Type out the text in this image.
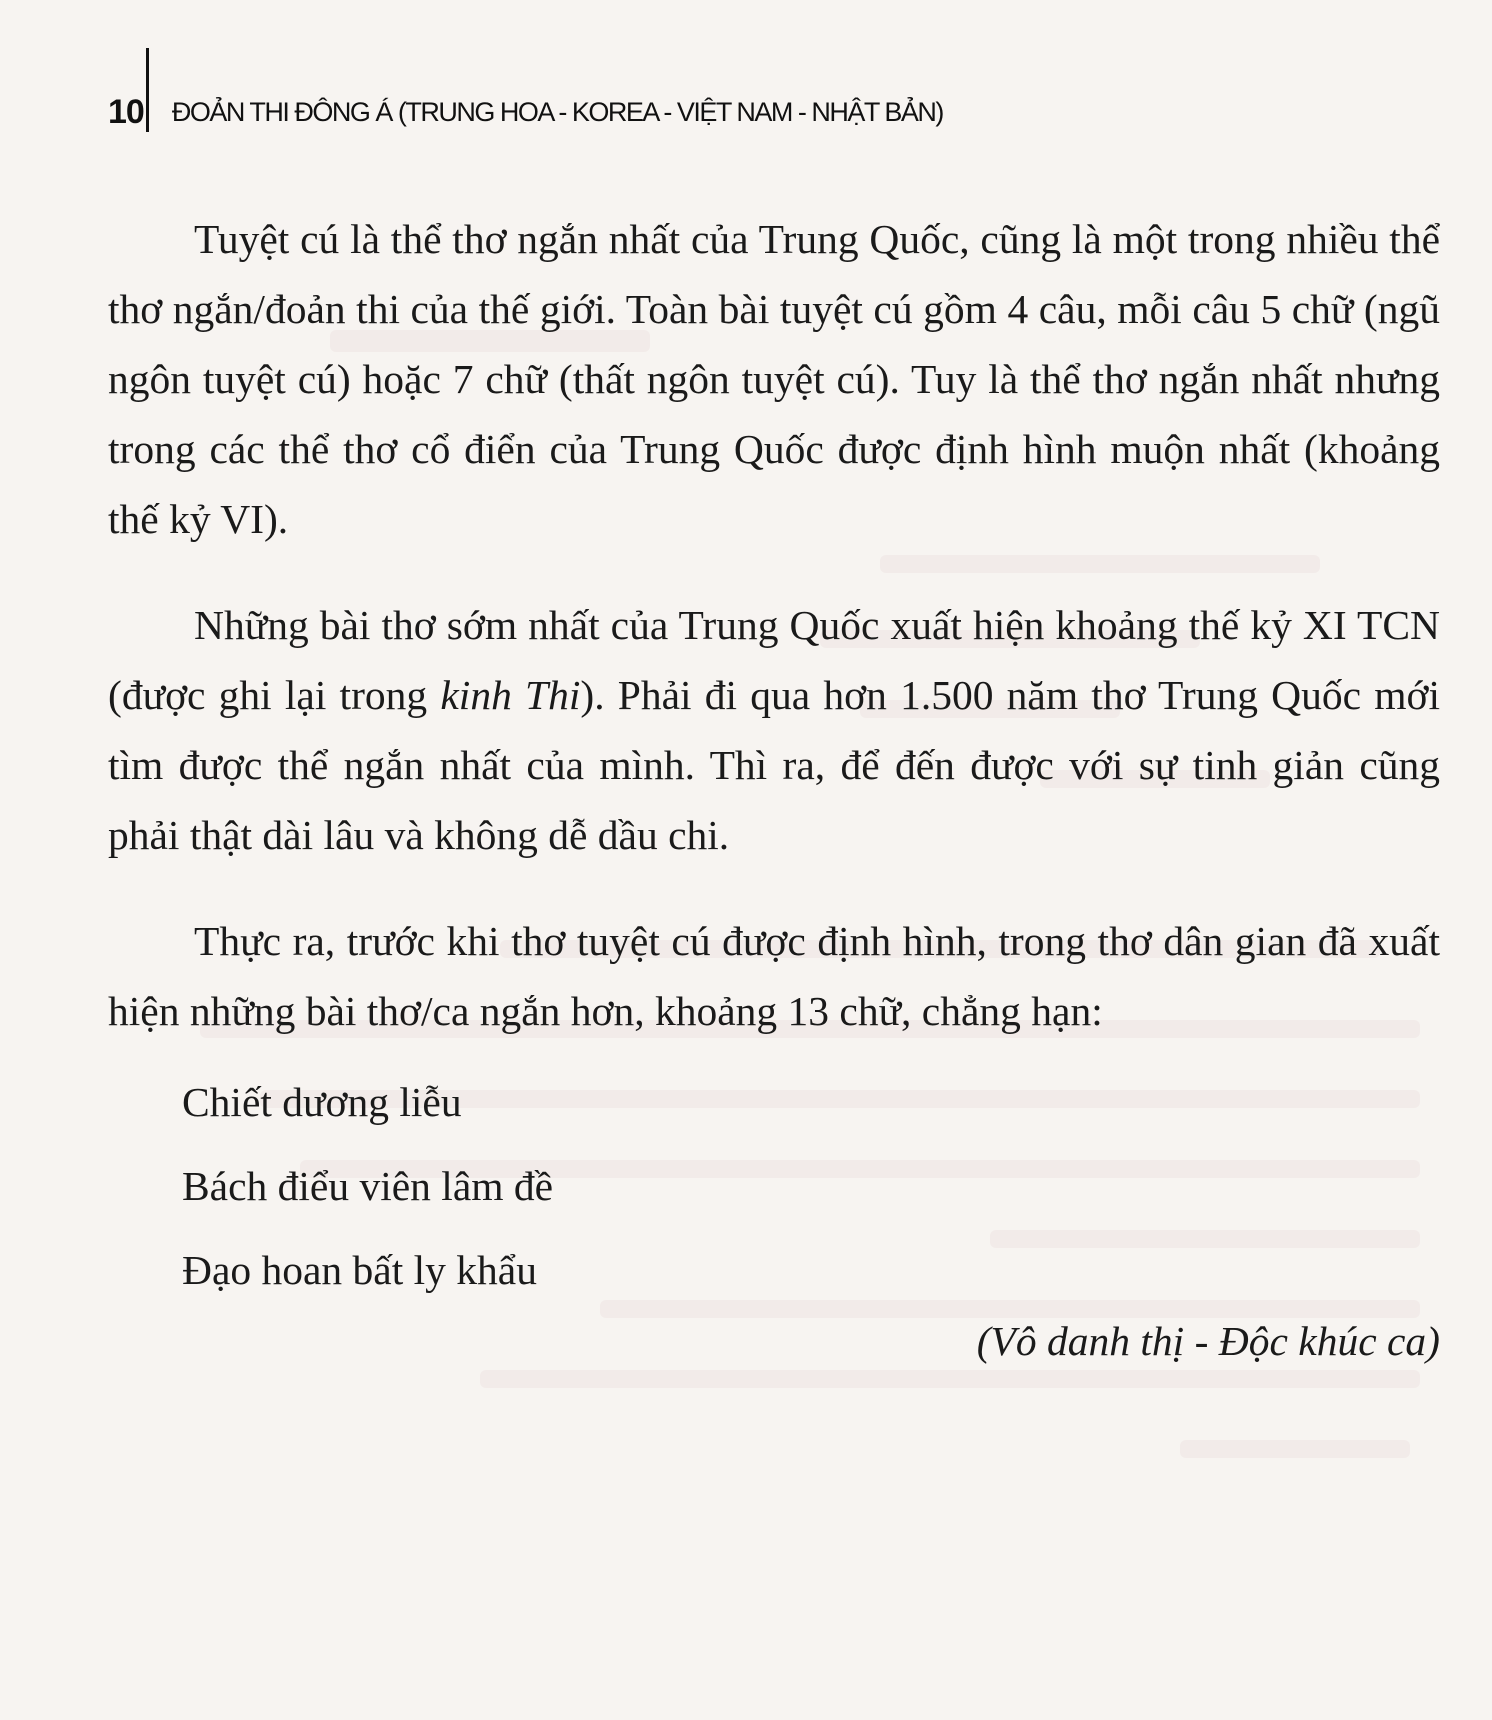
10	ĐOẢN THI ĐÔNG Á (TRUNG HOA - KOREA - VIỆT NAM - NHẬT BẢN)

Tuyệt cú là thể thơ ngắn nhất của Trung Quốc, cũng là một trong nhiều thể thơ ngắn/đoản thi của thế giới. Toàn bài tuyệt cú gồm 4 câu, mỗi câu 5 chữ (ngũ ngôn tuyệt cú) hoặc 7 chữ (thất ngôn tuyệt cú). Tuy là thể thơ ngắn nhất nhưng trong các thể thơ cổ điển của Trung Quốc được định hình muộn nhất (khoảng thế kỷ VI).

Những bài thơ sớm nhất của Trung Quốc xuất hiện khoảng thế kỷ XI TCN (được ghi lại trong kinh Thi). Phải đi qua hơn 1.500 năm thơ Trung Quốc mới tìm được thể ngắn nhất của mình. Thì ra, để đến được với sự tinh giản cũng phải thật dài lâu và không dễ dầu chi.

Thực ra, trước khi thơ tuyệt cú được định hình, trong thơ dân gian đã xuất hiện những bài thơ/ca ngắn hơn, khoảng 13 chữ, chẳng hạn:

Chiết dương liễu
Bách điểu viên lâm đề
Đạo hoan bất ly khẩu
(Vô danh thị - Độc khúc ca)
